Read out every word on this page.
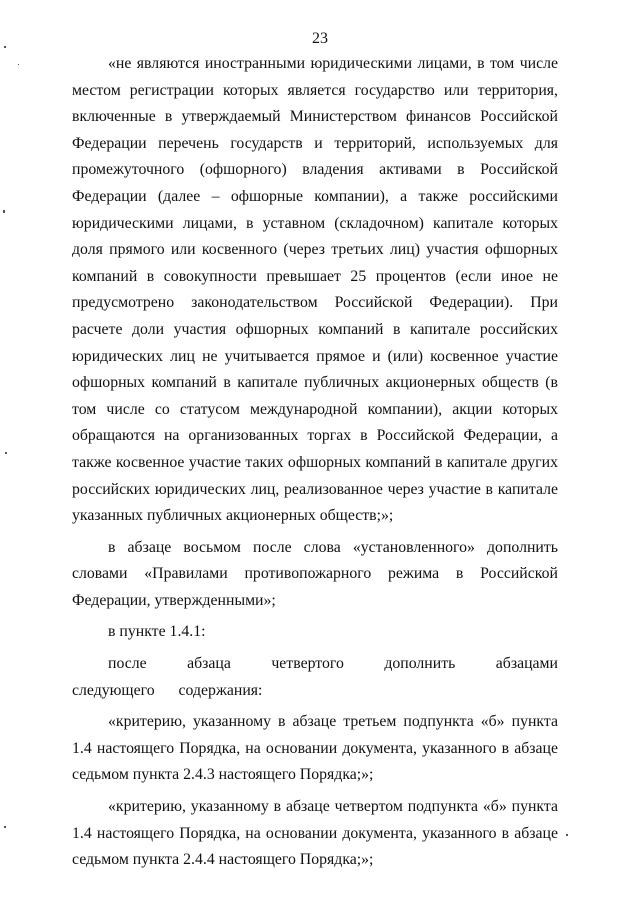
23

«не являются иностранными юридическими лицами, в том числе местом регистрации которых является государство или территория, включенные в утверждаемый Министерством финансов Российской Федерации перечень государств и территорий, используемых для промежуточного (офшорного) владения активами в Российской Федерации (далее – офшорные компании), а также российскими юридическими лицами, в уставном (складочном) капитале которых доля прямого или косвенного (через третьих лиц) участия офшорных компаний в совокупности превышает 25 процентов (если иное не предусмотрено законодательством Российской Федерации). При расчете доли участия офшорных компаний в капитале российских юридических лиц не учитывается прямое и (или) косвенное участие офшорных компаний в капитале публичных акционерных обществ (в том числе со статусом международной компании), акции которых обращаются на организованных торгах в Российской Федерации, а также косвенное участие таких офшорных компаний в капитале других российских юридических лиц, реализованное через участие в капитале указанных публичных акционерных обществ;»;

в абзаце восьмом после слова «установленного» дополнить словами «Правилами противопожарного режима в Российской Федерации, утвержденными»;

в пункте 1.4.1:

после абзаца четвертого дополнить абзацами следующего содержания:

«критерию, указанному в абзаце третьем подпункта «б» пункта 1.4 настоящего Порядка, на основании документа, указанного в абзаце седьмом пункта 2.4.3 настоящего Порядка;»;

«критерию, указанному в абзаце четвертом подпункта «б» пункта 1.4 настоящего Порядка, на основании документа, указанного в абзаце седьмом пункта 2.4.4 настоящего Порядка;»;
